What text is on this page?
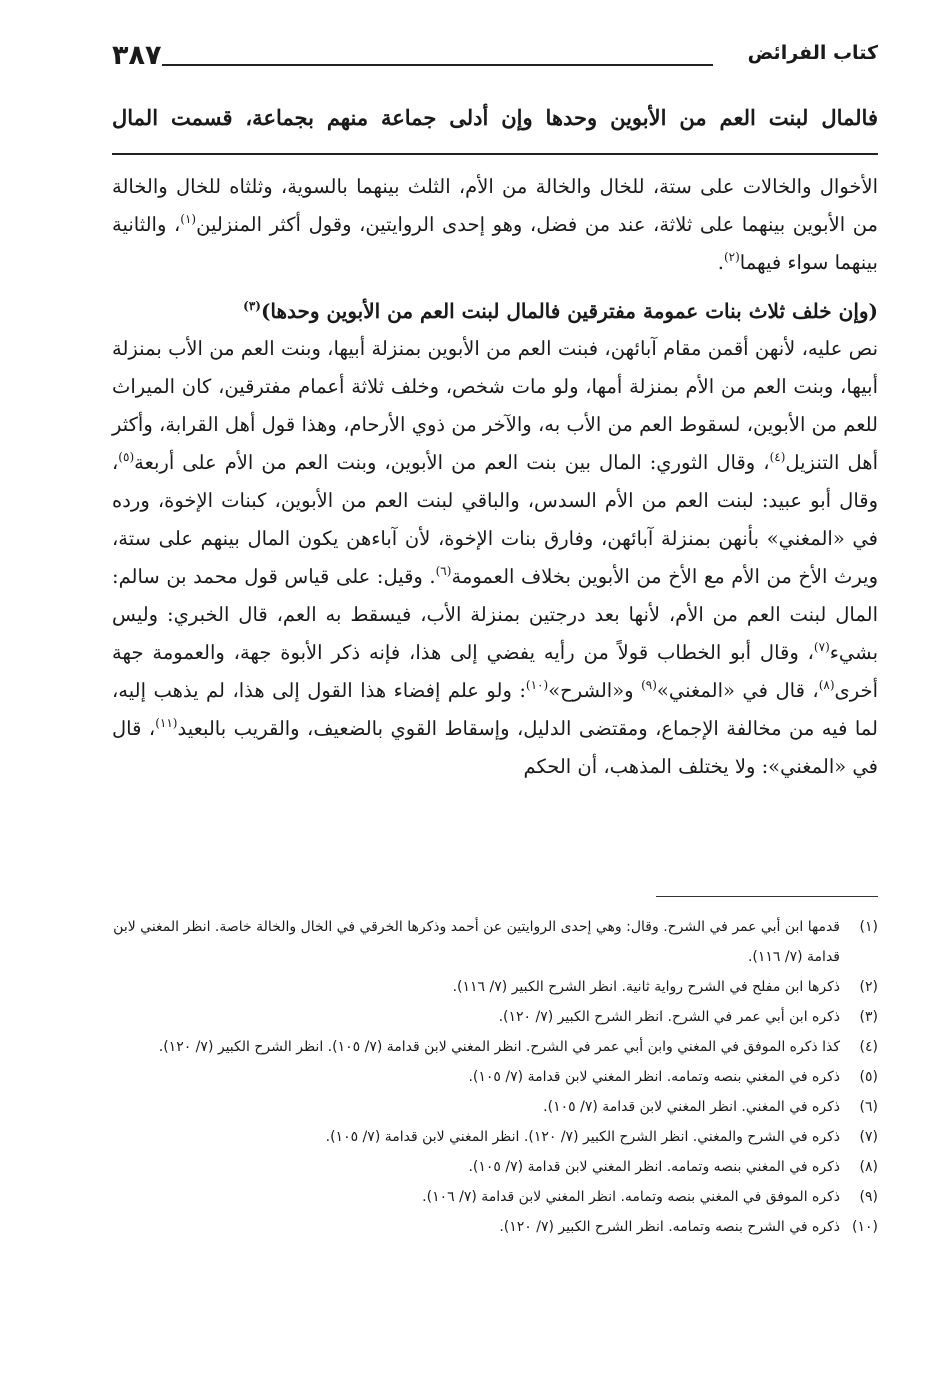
٣٨٧	كتاب الفرائض
فالمال لبنت العم من الأبوين وحدها وإن أدلى جماعة منهم بجماعة، قسمت المال

الأخوال والخالات على ستة، للخال والخالة من الأم، الثلث بينهما بالسوية، وثلثاه للخال والخالة من الأبوين بينهما على ثلاثة، عند من فضل، وهو إحدى الروايتين، وقول أكثر المنزلين$^{(١)}$، والثانية بينهما سواء فيهما$^{(٢)}$.

(وإن خلف ثلاث بنات عمومة مفترقين فالمال لبنت العم من الأبوين وحدها)$^{(٣)}$

نص عليه، لأنهن أقمن مقام آبائهن، فبنت العم من الأبوين بمنزلة أبيها، وبنت العم من الأب بمنزلة أبيها، وبنت العم من الأم بمنزلة أمها، ولو مات شخص، وخلف ثلاثة أعمام مفترقين، كان الميراث للعم من الأبوين، لسقوط العم من الأب به، والآخر من ذوي الأرحام، وهذا قول أهل القرابة، وأكثر أهل التنزيل$^{(٤)}$، وقال الثوري: المال بين بنت العم من الأبوين، وبنت العم من الأم على أربعة$^{(٥)}$، وقال أبو عبيد: لبنت العم من الأم السدس، والباقي لبنت العم من الأبوين، كبنات الإخوة، ورده في «المغني» بأنهن بمنزلة آبائهن، وفارق بنات الإخوة، لأن آباءهن يكون المال بينهم على ستة، ويرث الأخ من الأم مع الأخ من الأبوين بخلاف العمومة$^{(٦)}$. وقيل: على قياس قول محمد بن سالم: المال لبنت العم من الأم، لأنها بعد درجتين بمنزلة الأب، فيسقط به العم، قال الخبري: وليس بشيء$^{(٧)}$، وقال أبو الخطاب قولاً من رأيه يفضي إلى هذا، فإنه ذكر الأبوة جهة، والعمومة جهة أخرى$^{(٨)}$، قال في «المغني»$^{(٩)}$ و«الشرح»$^{(١٠)}$: ولو علم إفضاء هذا القول إلى هذا، لم يذهب إليه، لما فيه من مخالفة الإجماع، ومقتضى الدليل، وإسقاط القوي بالضعيف، والقريب بالبعيد$^{(١١)}$، قال في «المغني»: ولا يختلف المذهب، أن الحكم

(١)
قدمها ابن أبي عمر في الشرح. وقال: وهي إحدى الروايتين عن أحمد وذكرها الخرقي في الخال والخالة خاصة. انظر المغني لابن قدامة (٧/ ١١٦).
(٢)
ذكرها ابن مفلح في الشرح رواية ثانية. انظر الشرح الكبير (٧/ ١١٦).
(٣)
ذكره ابن أبي عمر في الشرح. انظر الشرح الكبير (٧/ ١٢٠).
(٤)
كذا ذكره الموفق في المغني وابن أبي عمر في الشرح. انظر المغني لابن قدامة (٧/ ١٠٥). انظر الشرح الكبير (٧/ ١٢٠).
(٥)
ذكره في المغني بنصه وتمامه. انظر المغني لابن قدامة (٧/ ١٠٥).
(٦)
ذكره في المغني. انظر المغني لابن قدامة (٧/ ١٠٥).
(٧)
ذكره في الشرح والمغني. انظر الشرح الكبير (٧/ ١٢٠). انظر المغني لابن قدامة (٧/ ١٠٥).
(٨)
ذكره في المغني بنصه وتمامه. انظر المغني لابن قدامة (٧/ ١٠٥).
(٩)
ذكره الموفق في المغني بنصه وتمامه. انظر المغني لابن قدامة (٧/ ١٠٦).
(١٠)
ذكره في الشرح بنصه وتمامه. انظر الشرح الكبير (٧/ ١٢٠).
